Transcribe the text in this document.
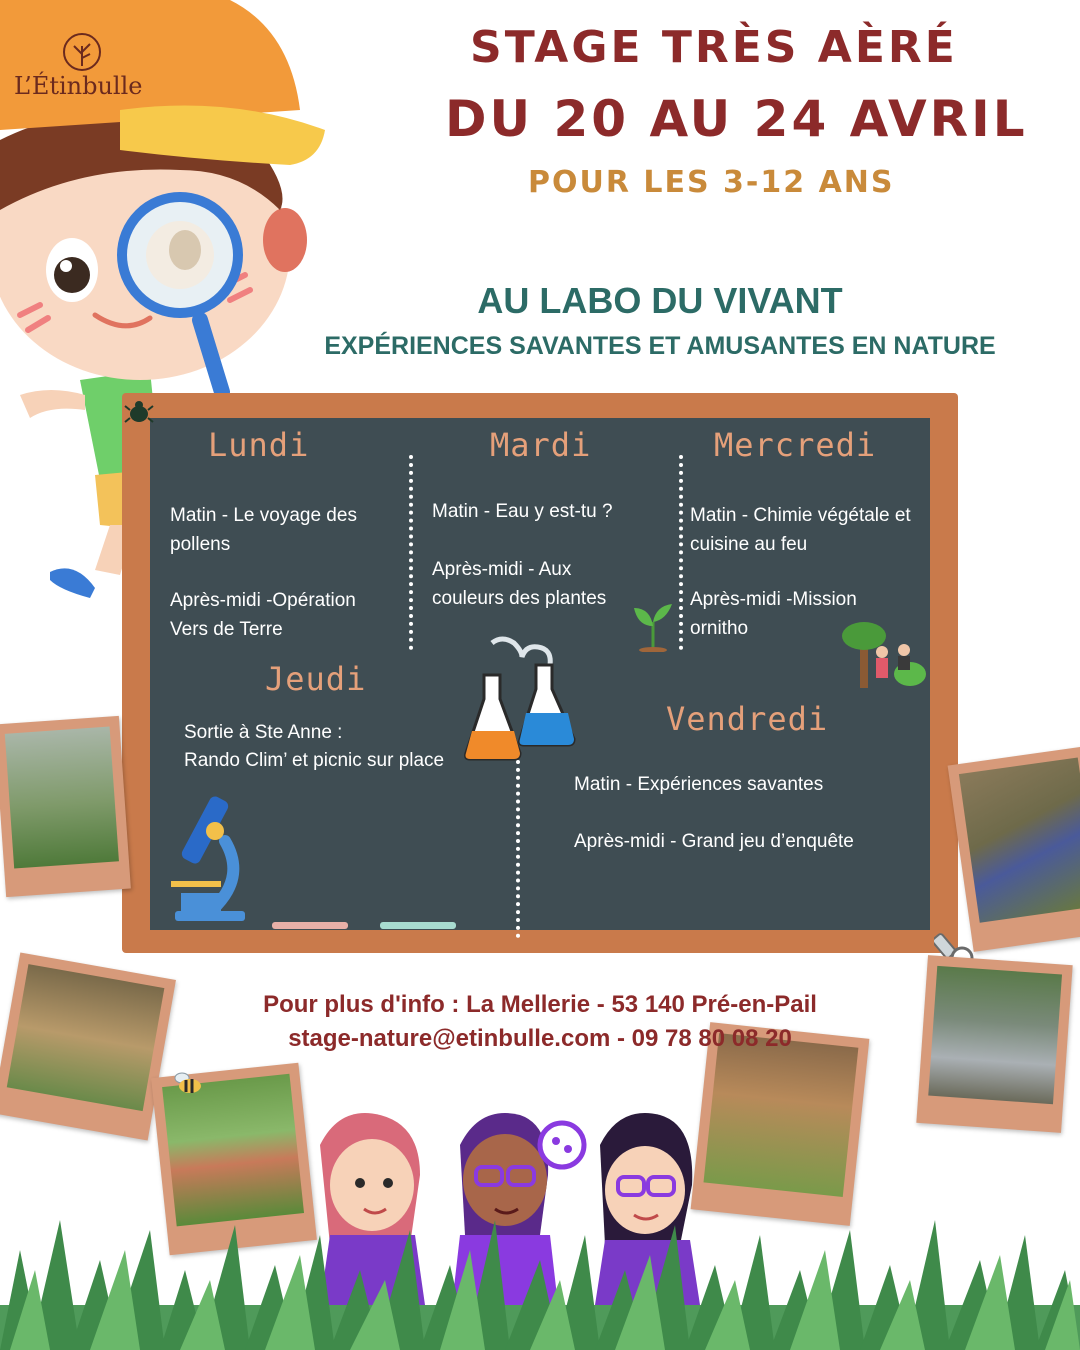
L’Étinbulle
STAGE TRÈS AÈRÉ
DU 20 AU 24 AVRIL
POUR LES 3-12 ANS
AU LABO DU VIVANT
EXPÉRIENCES SAVANTES ET AMUSANTES EN NATURE
Lundi
Matin - Le voyage des pollens
Après-midi -Opération Vers de Terre
Mardi
Matin - Eau y est-tu ?
Après-midi - Aux couleurs des plantes
Mercredi
Matin - Chimie végétale et cuisine au feu
Après-midi -Mission ornitho
Jeudi
Sortie à Ste Anne :
Rando Clim’ et picnic sur place
Vendredi
Matin - Expériences savantes
Après-midi - Grand jeu d’enquête
Pour plus d'info : La Mellerie - 53 140 Pré-en-Pail
stage-nature@etinbulle.com - 09 78 80 08 20
